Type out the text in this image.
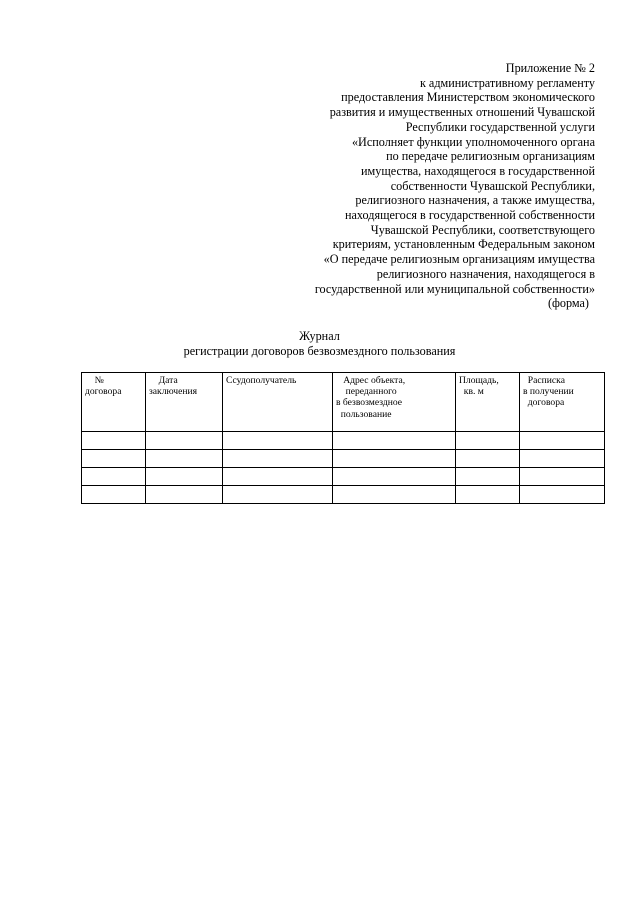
Приложение № 2
к административному регламенту
предоставления Министерством экономического
развития и имущественных отношений Чувашской
Республики государственной услуги
«Исполняет функции уполномоченного органа
по передаче религиозным организациям
имущества, находящегося в государственной
собственности Чувашской Республики,
религиозного назначения, а также имущества,
находящегося в государственной собственности
Чувашской Республики, соответствующего
критериям, установленным Федеральным законом
«О передаче религиозным организациям имущества
религиозного назначения, находящегося в
государственной или муниципальной собственности»
(форма)
Журнал
регистрации договоров безвозмездного пользования
№
договора	Дата
заключения	Ссудополучатель	Адрес объекта,
переданного
в безвозмездное
пользование	Площадь,
кв. м	Расписка
в получении
договора
